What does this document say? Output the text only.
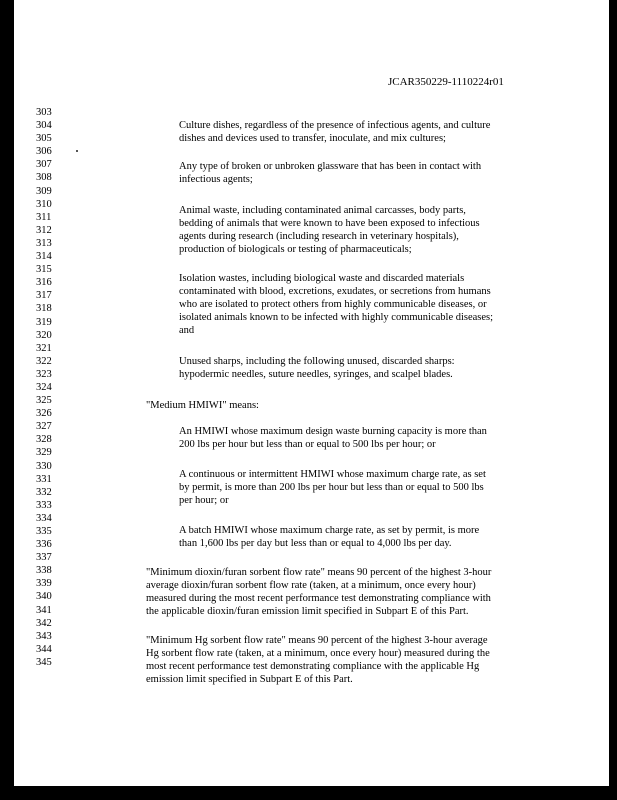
JCAR350229-1110224r01
303
304
305
306
307
308
309
310
311
312
313
314
315
316
317
318
319
320
321
322
323
324
325
326
327
328
329
330
331
332
333
334
335
336
337
338
339
340
341
342
343
344
345
Culture dishes, regardless of the presence of infectious agents, and culture
dishes and devices used to transfer, inoculate, and mix cultures;
Any type of broken or unbroken glassware that has been in contact with
infectious agents;
Animal waste, including contaminated animal carcasses, body parts,
bedding of animals that were known to have been exposed to infectious
agents during research (including research in veterinary hospitals),
production of biologicals or testing of pharmaceuticals;
Isolation wastes, including biological waste and discarded materials
contaminated with blood, excretions, exudates, or secretions from humans
who are isolated to protect others from highly communicable diseases, or
isolated animals known to be infected with highly communicable diseases;
and
Unused sharps, including the following unused, discarded sharps:
hypodermic needles, suture needles, syringes, and scalpel blades.
"Medium HMIWI" means:
An HMIWI whose maximum design waste burning capacity is more than
200 lbs per hour but less than or equal to 500 lbs per hour; or
A continuous or intermittent HMIWI whose maximum charge rate, as set
by permit, is more than 200 lbs per hour but less than or equal to 500 lbs
per hour; or
A batch HMIWI whose maximum charge rate, as set by permit, is more
than 1,600 lbs per day but less than or equal to 4,000 lbs per day.
"Minimum dioxin/furan sorbent flow rate" means 90 percent of the highest 3-hour
average dioxin/furan sorbent flow rate (taken, at a minimum, once every hour)
measured during the most recent performance test demonstrating compliance with
the applicable dioxin/furan emission limit specified in Subpart E of this Part.
"Minimum Hg sorbent flow rate" means 90 percent of the highest 3-hour average
Hg sorbent flow rate (taken, at a minimum, once every hour) measured during the
most recent performance test demonstrating compliance with the applicable Hg
emission limit specified in Subpart E of this Part.
